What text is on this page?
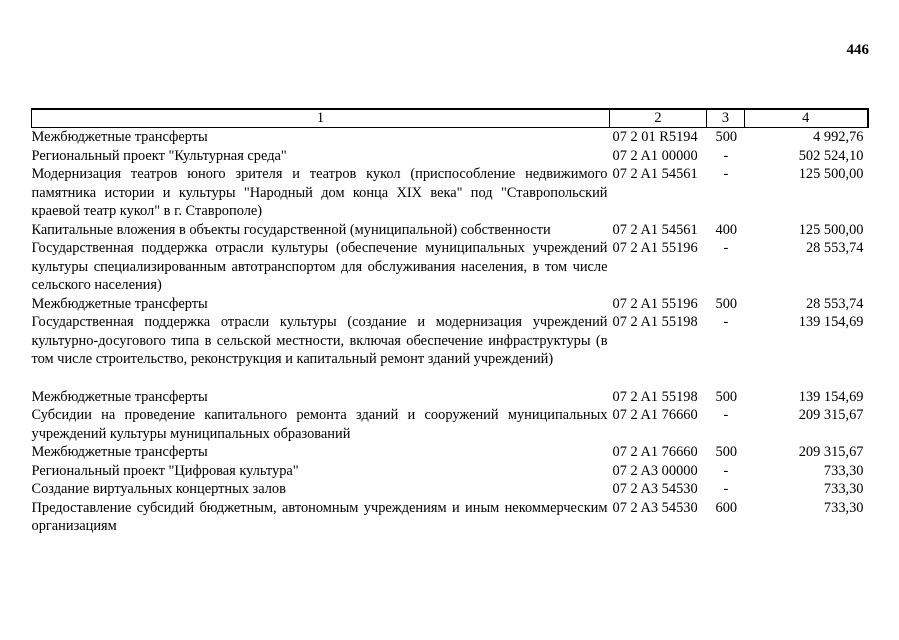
446
1	2	3	4
Межбюджетные трансферты	07 2 01 R5194	500	4 992,76
Региональный проект "Культурная среда"	07 2 A1 00000	-	502 524,10
Модернизация театров юного зрителя и театров кукол (приспособление недвижимого памятника истории и культуры "Народный дом конца XIX века" под "Ставропольский краевой театр кукол" в г. Ставрополе)	07 2 A1 54561	-	125 500,00
Капитальные вложения в объекты государственной (муниципальной) собственности	07 2 A1 54561	400	125 500,00
Государственная поддержка отрасли культуры (обеспечение муниципальных учреждений культуры специализированным автотранспортом для обслуживания населения, в том числе сельского населения)	07 2 A1 55196	-	28 553,74
Межбюджетные трансферты	07 2 A1 55196	500	28 553,74
Государственная поддержка отрасли культуры (создание и модернизация учреждений культурно-досугового типа в сельской местности, включая обеспечение инфраструктуры (в том числе строительство, реконструкция и капитальный ремонт зданий учреждений)	07 2 A1 55198	-	139 154,69
Межбюджетные трансферты	07 2 A1 55198	500	139 154,69
Субсидии на проведение капитального ремонта зданий и сооружений муниципальных учреждений культуры муниципальных образований	07 2 A1 76660	-	209 315,67
Межбюджетные трансферты	07 2 A1 76660	500	209 315,67
Региональный проект "Цифровая культура"	07 2 A3 00000	-	733,30
Создание виртуальных концертных залов	07 2 A3 54530	-	733,30
Предоставление субсидий бюджетным, автономным учреждениям и иным некоммерческим организациям	07 2 A3 54530	600	733,30
